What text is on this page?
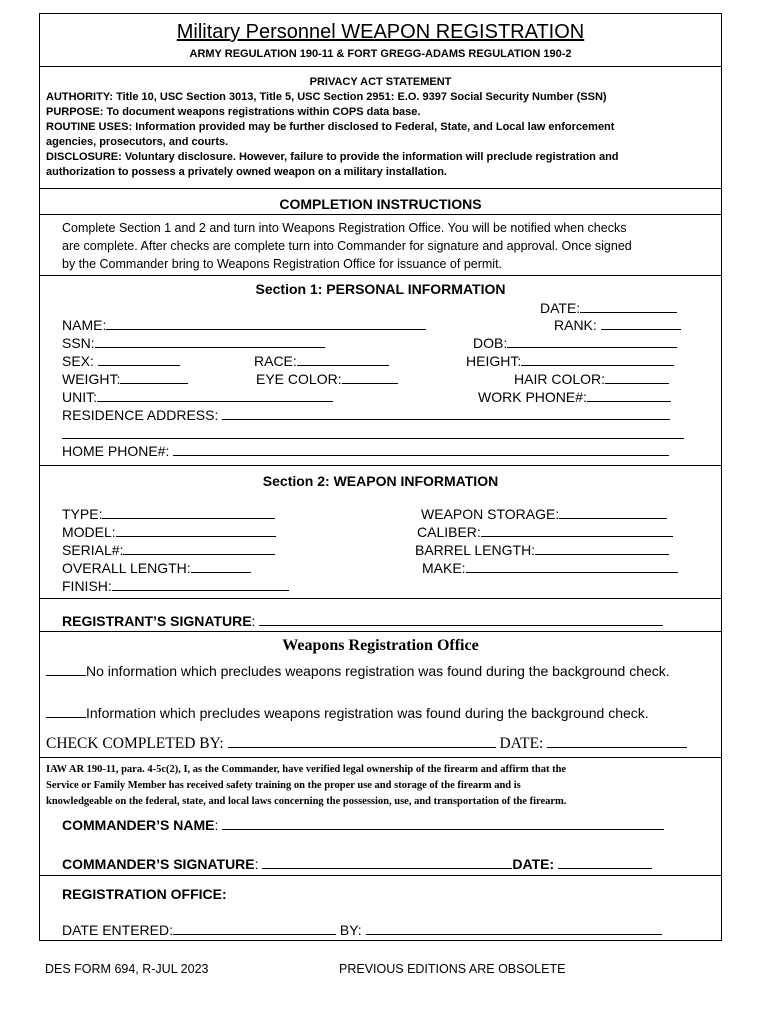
Military Personnel WEAPON REGISTRATION
ARMY REGULATION 190-11 & FORT GREGG-ADAMS REGULATION 190-2
PRIVACY ACT STATEMENT
AUTHORITY: Title 10, USC Section 3013, Title 5, USC Section 2951: E.O. 9397 Social Security Number (SSN)
PURPOSE: To document weapons registrations within COPS data base.
ROUTINE USES: Information provided may be further disclosed to Federal, State, and Local law enforcement
agencies, prosecutors, and courts.
DISCLOSURE: Voluntary disclosure. However, failure to provide the information will preclude registration and
authorization to possess a privately owned weapon on a military installation.
COMPLETION INSTRUCTIONS
Complete Section 1 and 2 and turn into Weapons Registration Office. You will be notified when checks
are complete. After checks are complete turn into Commander for signature and approval. Once signed
by the Commander bring to Weapons Registration Office for issuance of permit.
Section 1: PERSONAL INFORMATION
DATE:
NAME:	RANK:
SSN:	DOB:
SEX:	RACE:	HEIGHT:
WEIGHT:	EYE COLOR:	HAIR COLOR:
UNIT:	WORK PHONE#:
RESIDENCE ADDRESS:
HOME PHONE#:
Section 2: WEAPON INFORMATION
TYPE:	WEAPON STORAGE:
MODEL:	CALIBER:
SERIAL#:	BARREL LENGTH:
OVERALL LENGTH:	MAKE:
FINISH:
REGISTRANT’S SIGNATURE:
Weapons Registration Office
No information which precludes weapons registration was found during the background check.
Information which precludes weapons registration was found during the background check.
CHECK COMPLETED BY:	DATE:
IAW AR 190-11, para. 4-5c(2), I, as the Commander, have verified legal ownership of the firearm and affirm that the
Service or Family Member has received safety training on the proper use and storage of the firearm and is
knowledgeable on the federal, state, and local laws concerning the possession, use, and transportation of the firearm.
COMMANDER’S NAME:
COMMANDER’S SIGNATURE:	DATE:
REGISTRATION OFFICE:
DATE ENTERED:	BY:
DES FORM 694, R-JUL 2023	PREVIOUS EDITIONS ARE OBSOLETE
